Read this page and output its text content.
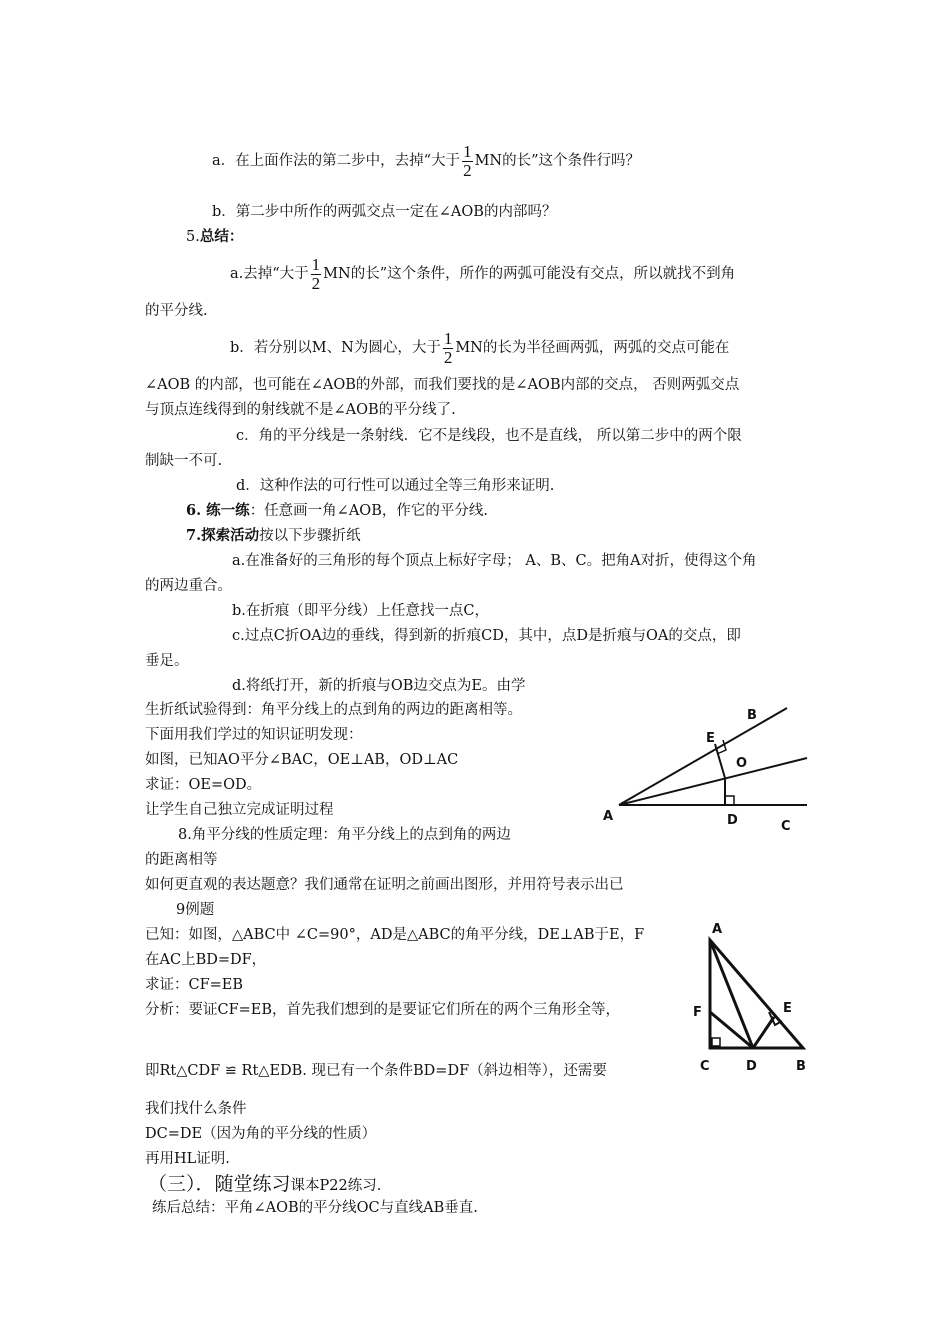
a．在上面作法的第二步中，去掉“大于 $\frac{1}{2}$ MN的长”这个条件行吗？
b．第二步中所作的两弧交点一定在∠AOB的内部吗？
5.总结：
a.去掉“大于 $\frac{1}{2}$ MN的长”这个条件，所作的两弧可能没有交点，所以就找不到角
的平分线.
b．若分别以M、N为圆心，大于 $\frac{1}{2}$ MN的长为半径画两弧，两弧的交点可能在
∠AOB 的内部，也可能在∠AOB的外部，而我们要找的是∠AOB内部的交点， 否则两弧交点
与顶点连线得到的射线就不是∠AOB的平分线了.
c．角的平分线是一条射线．它不是线段，也不是直线， 所以第二步中的两个限
制缺一不可.
d．这种作法的可行性可以通过全等三角形来证明.
6. 练一练：任意画一角∠AOB，作它的平分线.
7.探索活动按以下步骤折纸
a.在准备好的三角形的每个顶点上标好字母； A、B、C。把角A对折，使得这个角
的两边重合。
b.在折痕（即平分线）上任意找一点C，
c.过点C折OA边的垂线，得到新的折痕CD，其中，点D是折痕与OA的交点，即
垂足。
d.将纸打开，新的折痕与OB边交点为E。由学
生折纸试验得到：角平分线上的点到角的两边的距离相等。
下面用我们学过的知识证明发现：
如图，已知AO平分∠BAC，OE⊥AB，OD⊥AC
求证：OE=OD。
让学生自己独立完成证明过程
8.角平分线的性质定理：角平分线上的点到角的两边
的距离相等
如何更直观的表达题意？我们通常在证明之前画出图形，并用符号表示出已
9例题
已知：如图，△ABC中 ∠C=90°，AD是△ABC的角平分线，DE⊥AB于E，F
在AC上BD=DF，
求证：CF=EB
分析：要证CF=EB，首先我们想到的是要证它们所在的两个三角形全等，
即Rt△CDF ≌ Rt△EDB. 现已有一个条件BD=DF（斜边相等），还需要
我们找什么条件
DC=DE（因为角的平分线的性质）
再用HL证明.
（三）．随堂练习课本P22练习.
练后总结：平角∠AOB的平分线OC与直线AB垂直.
A
B
C
D
E
O
A
B
C	D
E
F
